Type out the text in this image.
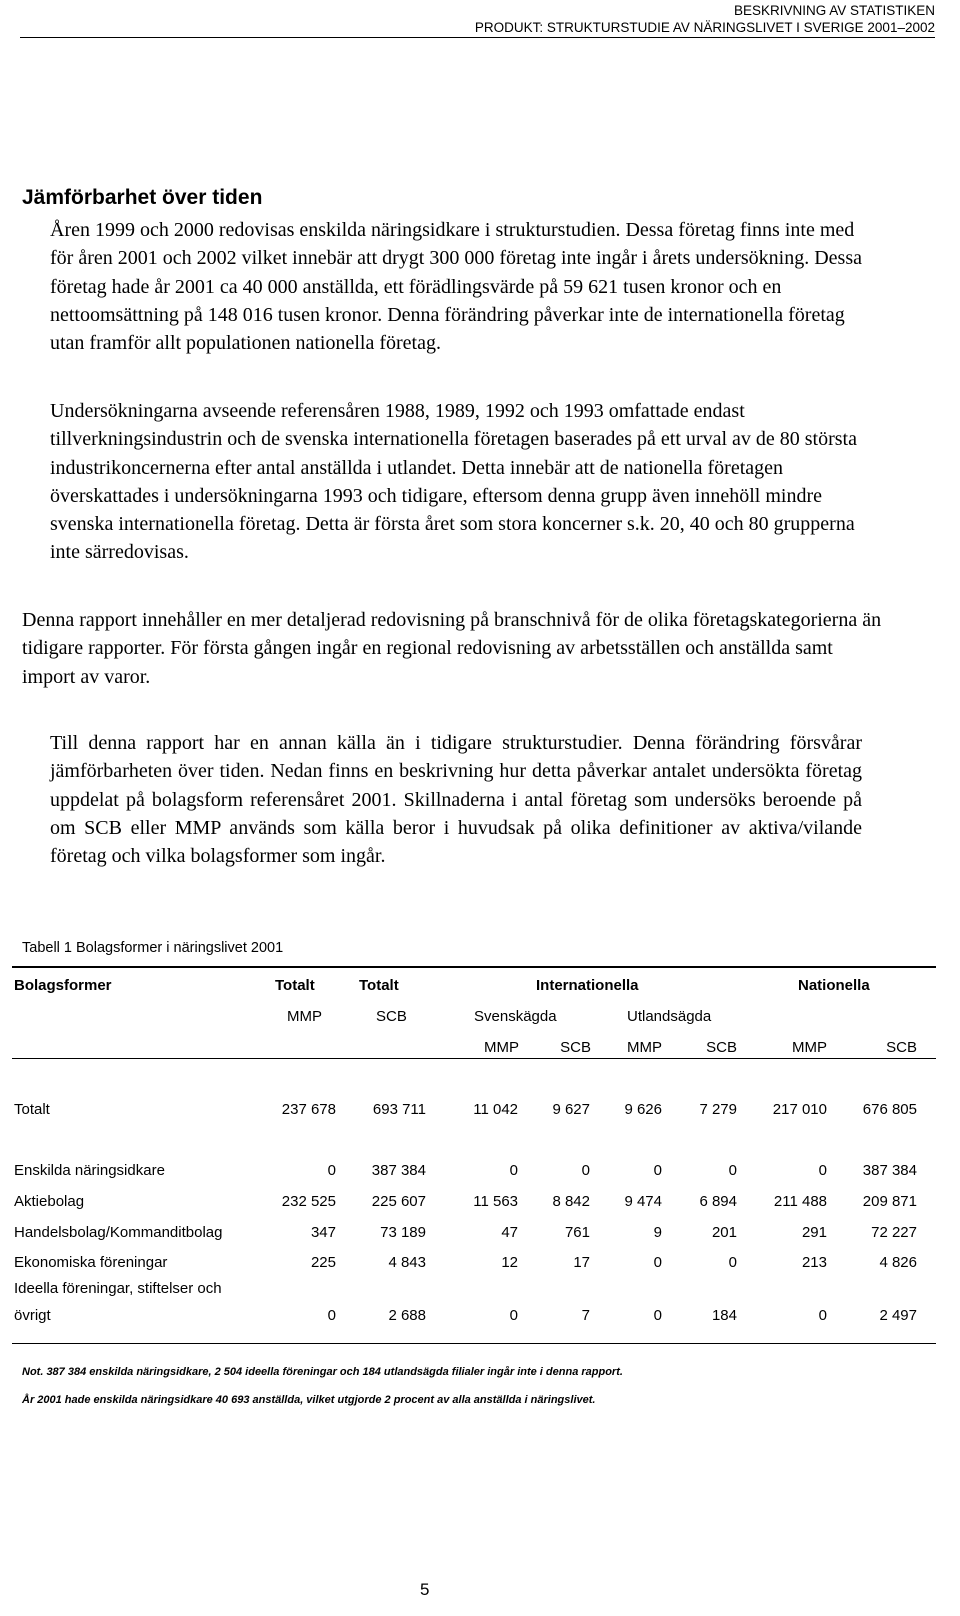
BESKRIVNING AV STATISTIKEN
PRODUKT: STRUKTURSTUDIE AV NÄRINGSLIVET I SVERIGE 2001–2002
Jämförbarhet över tiden

Åren 1999 och 2000 redovisas enskilda näringsidkare i strukturstudien. Dessa företag finns inte med för åren 2001 och 2002 vilket innebär att drygt 300 000 företag inte ingår i årets undersökning. Dessa företag hade år 2001 ca 40 000 anställda, ett förädlingsvärde på 59 621 tusen kronor och en nettoomsättning på 148 016 tusen kronor. Denna förändring påverkar inte de internationella företag utan framför allt populationen nationella företag.

Undersökningarna avseende referensåren 1988, 1989, 1992 och 1993 omfattade endast tillverkningsindustrin och de svenska internationella företagen baserades på ett urval av de 80 största industrikoncernerna efter antal anställda i utlandet. Detta innebär att de nationella företagen överskattades i undersökningarna 1993 och tidigare, eftersom denna grupp även innehöll mindre svenska internationella företag. Detta är första året som stora koncerner s.k. 20, 40 och 80 grupperna inte särredovisas.

Denna rapport innehåller en mer detaljerad redovisning på branschnivå för de olika företagskategorierna än tidigare rapporter. För första gången ingår en regional redovisning av arbetsställen och anställda samt import av varor.

Till denna rapport har en annan källa än i tidigare strukturstudier. Denna förändring försvårar jämförbarheten över tiden. Nedan finns en beskrivning hur detta påverkar antalet undersökta företag uppdelat på bolagsform referensåret 2001. Skillnaderna i antal företag som undersöks beroende på om SCB eller MMP används som källa beror i huvudsak på olika definitioner av aktiva/vilande företag och vilka bolagsformer som ingår.

Tabell 1 Bolagsformer i näringslivet 2001
Bolagsformer	Totalt	Totalt	Internationella	Nationella
MMP	SCB	Svenskägda	Utlandsägda
MMP	SCB	MMP	SCB	MMP	SCB
Totalt	237 678	693 711	11 042	9 627	9 626	7 279	217 010	676 805
Enskilda näringsidkare	0	387 384	0	0	0	0	0	387 384
Aktiebolag	232 525	225 607	11 563	8 842	9 474	6 894	211 488	209 871
Handelsbolag/Kommanditbolag	347	73 189	47	761	9	201	291	72 227
Ekonomiska föreningar	225	4 843	12	17	0	0	213	4 826
Ideella föreningar, stiftelser och
övrigt	0	2 688	0	7	0	184	0	2 497
Not. 387 384 enskilda näringsidkare, 2 504 ideella föreningar och 184 utlandsägda filialer ingår inte i denna rapport.
År 2001 hade enskilda näringsidkare 40 693 anställda, vilket utgjorde 2 procent av alla anställda i näringslivet.
5
